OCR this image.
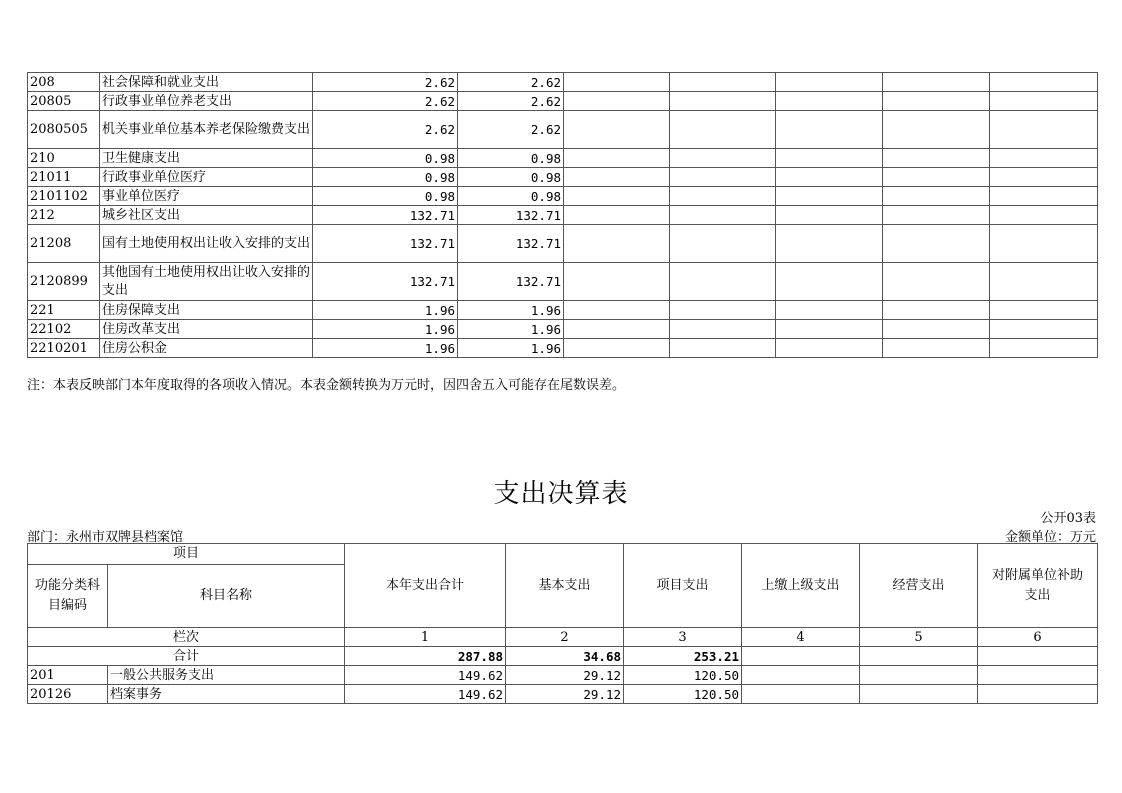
208	社会保障和就业支出	2.62	2.62					
20805	行政事业单位养老支出	2.62	2.62					
2080505	机关事业单位基本养老保险缴费支出	2.62	2.62					
210	卫生健康支出	0.98	0.98					
21011	行政事业单位医疗	0.98	0.98					
2101102	事业单位医疗	0.98	0.98					
212	城乡社区支出	132.71	132.71					
21208	国有土地使用权出让收入安排的支出	132.71	132.71					
2120899	其他国有土地使用权出让收入安排的支出	132.71	132.71					
221	住房保障支出	1.96	1.96					
22102	住房改革支出	1.96	1.96					
2210201	住房公积金	1.96	1.96					
注：本表反映部门本年度取得的各项收入情况。本表金额转换为万元时，因四舍五入可能存在尾数误差。
支出决算表
公开03表
部门：永州市双牌县档案馆	金额单位：万元
项目		本年支出合计	基本支出	项目支出	上缴上级支出	经营支出	对附属单位补助支出
功能分类科目编码	科目名称						
栏次		1	2	3	4	5	6
合计		287.88	34.68	253.21			
201	一般公共服务支出	149.62	29.12	120.50			
20126	档案事务	149.62	29.12	120.50			
